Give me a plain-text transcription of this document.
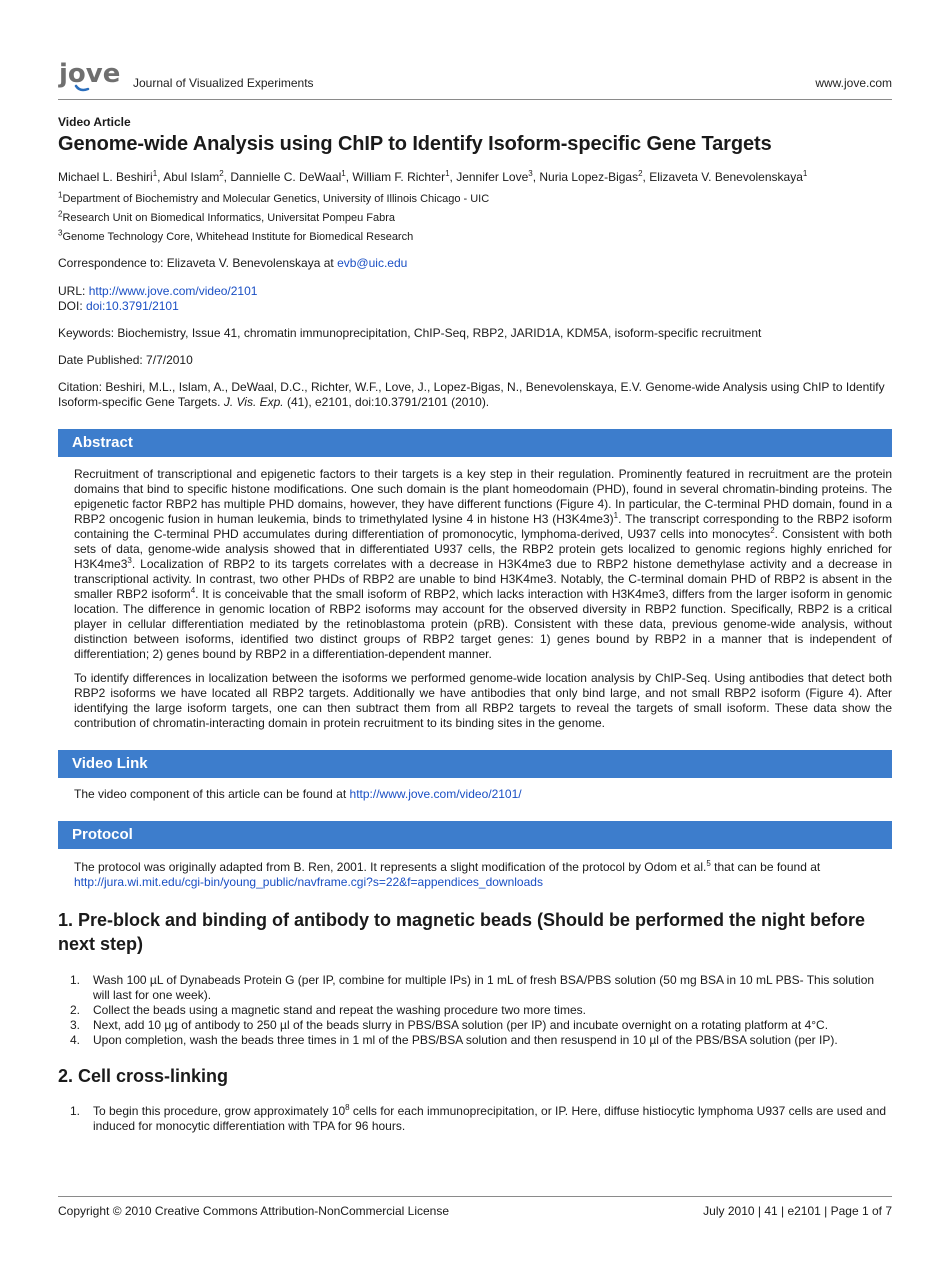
jove Journal of Visualized Experiments	www.jove.com
Video Article
Genome-wide Analysis using ChIP to Identify Isoform-specific Gene Targets
Michael L. Beshiri$^1$, Abul Islam$^2$, Dannielle C. DeWaal$^1$, William F. Richter$^1$, Jennifer Love$^3$, Nuria Lopez-Bigas$^2$, Elizaveta V. Benevolenskaya$^1$
$^1$Department of Biochemistry and Molecular Genetics, University of Illinois Chicago - UIC
$^2$Research Unit on Biomedical Informatics, Universitat Pompeu Fabra
$^3$Genome Technology Core, Whitehead Institute for Biomedical Research
Correspondence to: Elizaveta V. Benevolenskaya at evb@uic.edu
URL: http://www.jove.com/video/2101
DOI: doi:10.3791/2101
Keywords: Biochemistry, Issue 41, chromatin immunoprecipitation, ChIP-Seq, RBP2, JARID1A, KDM5A, isoform-specific recruitment
Date Published: 7/7/2010
Citation: Beshiri, M.L., Islam, A., DeWaal, D.C., Richter, W.F., Love, J., Lopez-Bigas, N., Benevolenskaya, E.V. Genome-wide Analysis using ChIP to Identify Isoform-specific Gene Targets. J. Vis. Exp. (41), e2101, doi:10.3791/2101 (2010).
Abstract
Recruitment of transcriptional and epigenetic factors to their targets is a key step in their regulation. Prominently featured in recruitment are the protein domains that bind to specific histone modifications. One such domain is the plant homeodomain (PHD), found in several chromatin-binding proteins. The epigenetic factor RBP2 has multiple PHD domains, however, they have different functions (Figure 4). In particular, the C-terminal PHD domain, found in a RBP2 oncogenic fusion in human leukemia, binds to trimethylated lysine 4 in histone H3 $(H3K4me3)^1$. The transcript corresponding to the RBP2 isoform containing the C-terminal PHD accumulates during differentiation of promonocytic, lymphoma-derived, U937 cells into monocytes$^2$. Consistent with both sets of data, genome-wide analysis showed that in differentiated U937 cells, the RBP2 protein gets localized to genomic regions highly enriched for $H3K4me3^3$. Localization of RBP2 to its targets correlates with a decrease in H3K4me3 due to RBP2 histone demethylase activity and a decrease in transcriptional activity. In contrast, two other PHDs of RBP2 are unable to bind H3K4me3. Notably, the C-terminal domain PHD of RBP2 is absent in the smaller RBP2 isoform$^4$. It is conceivable that the small isoform of RBP2, which lacks interaction with H3K4me3, differs from the larger isoform in genomic location. The difference in genomic location of RBP2 isoforms may account for the observed diversity in RBP2 function. Specifically, RBP2 is a critical player in cellular differentiation mediated by the retinoblastoma protein (pRB). Consistent with these data, previous genome-wide analysis, without distinction between isoforms, identified two distinct groups of RBP2 target genes: 1) genes bound by RBP2 in a manner that is independent of differentiation; 2) genes bound by RBP2 in a differentiation-dependent manner.
To identify differences in localization between the isoforms we performed genome-wide location analysis by ChIP-Seq. Using antibodies that detect both RBP2 isoforms we have located all RBP2 targets. Additionally we have antibodies that only bind large, and not small RBP2 isoform (Figure 4). After identifying the large isoform targets, one can then subtract them from all RBP2 targets to reveal the targets of small isoform. These data show the contribution of chromatin-interacting domain in protein recruitment to its binding sites in the genome.
Video Link
The video component of this article can be found at http://www.jove.com/video/2101/
Protocol
The protocol was originally adapted from B. Ren, 2001. It represents a slight modification of the protocol by Odom et al.$^5$ that can be found at
http://jura.wi.mit.edu/cgi-bin/young_public/navframe.cgi?s=22&f=appendices_downloads
1. Pre-block and binding of antibody to magnetic beads (Should be performed the night before next step)
1. Wash 100 µL of Dynabeads Protein G (per IP, combine for multiple IPs) in 1 mL of fresh BSA/PBS solution (50 mg BSA in 10 mL PBS- This solution will last for one week).
2. Collect the beads using a magnetic stand and repeat the washing procedure two more times.
3. Next, add 10 µg of antibody to 250 µl of the beads slurry in PBS/BSA solution (per IP) and incubate overnight on a rotating platform at 4°C.
4. Upon completion, wash the beads three times in 1 ml of the PBS/BSA solution and then resuspend in 10 µl of the PBS/BSA solution (per IP).
2. Cell cross-linking
1. To begin this procedure, grow approximately $10^8$ cells for each immunoprecipitation, or IP. Here, diffuse histiocytic lymphoma U937 cells are used and induced for monocytic differentiation with TPA for 96 hours.
Copyright © 2010 Creative Commons Attribution-NonCommercial License	July 2010 | 41 | e2101 | Page 1 of 7
